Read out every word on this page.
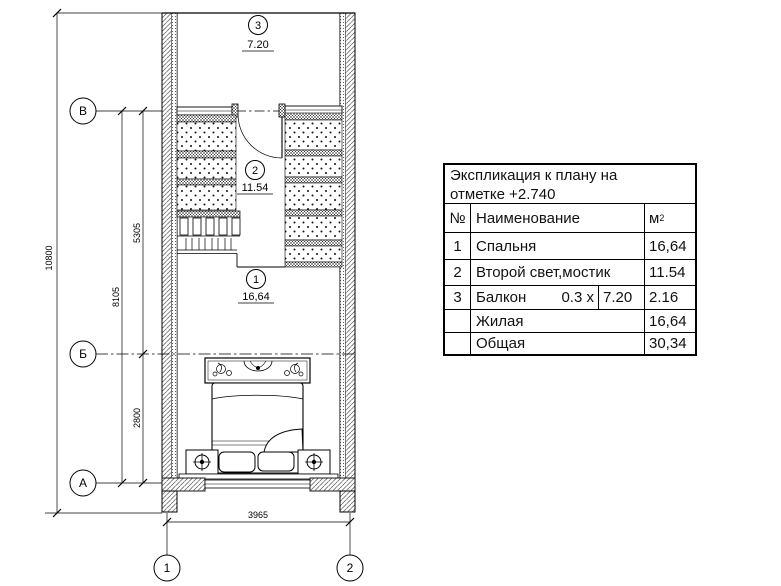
3
7.20
2
11.54
1
16,64
10800
8105
5305
2800
3965
В
Б
А
1	2
Экспликация к плану на
отметке +2.740
№ Наименование	м 2
1 Спальня	16,64
2 Второй свет,мостик	11.54
3 Балкон 0.3 х 7.20	2.16
Жилая	16,64
Общая	30,34
